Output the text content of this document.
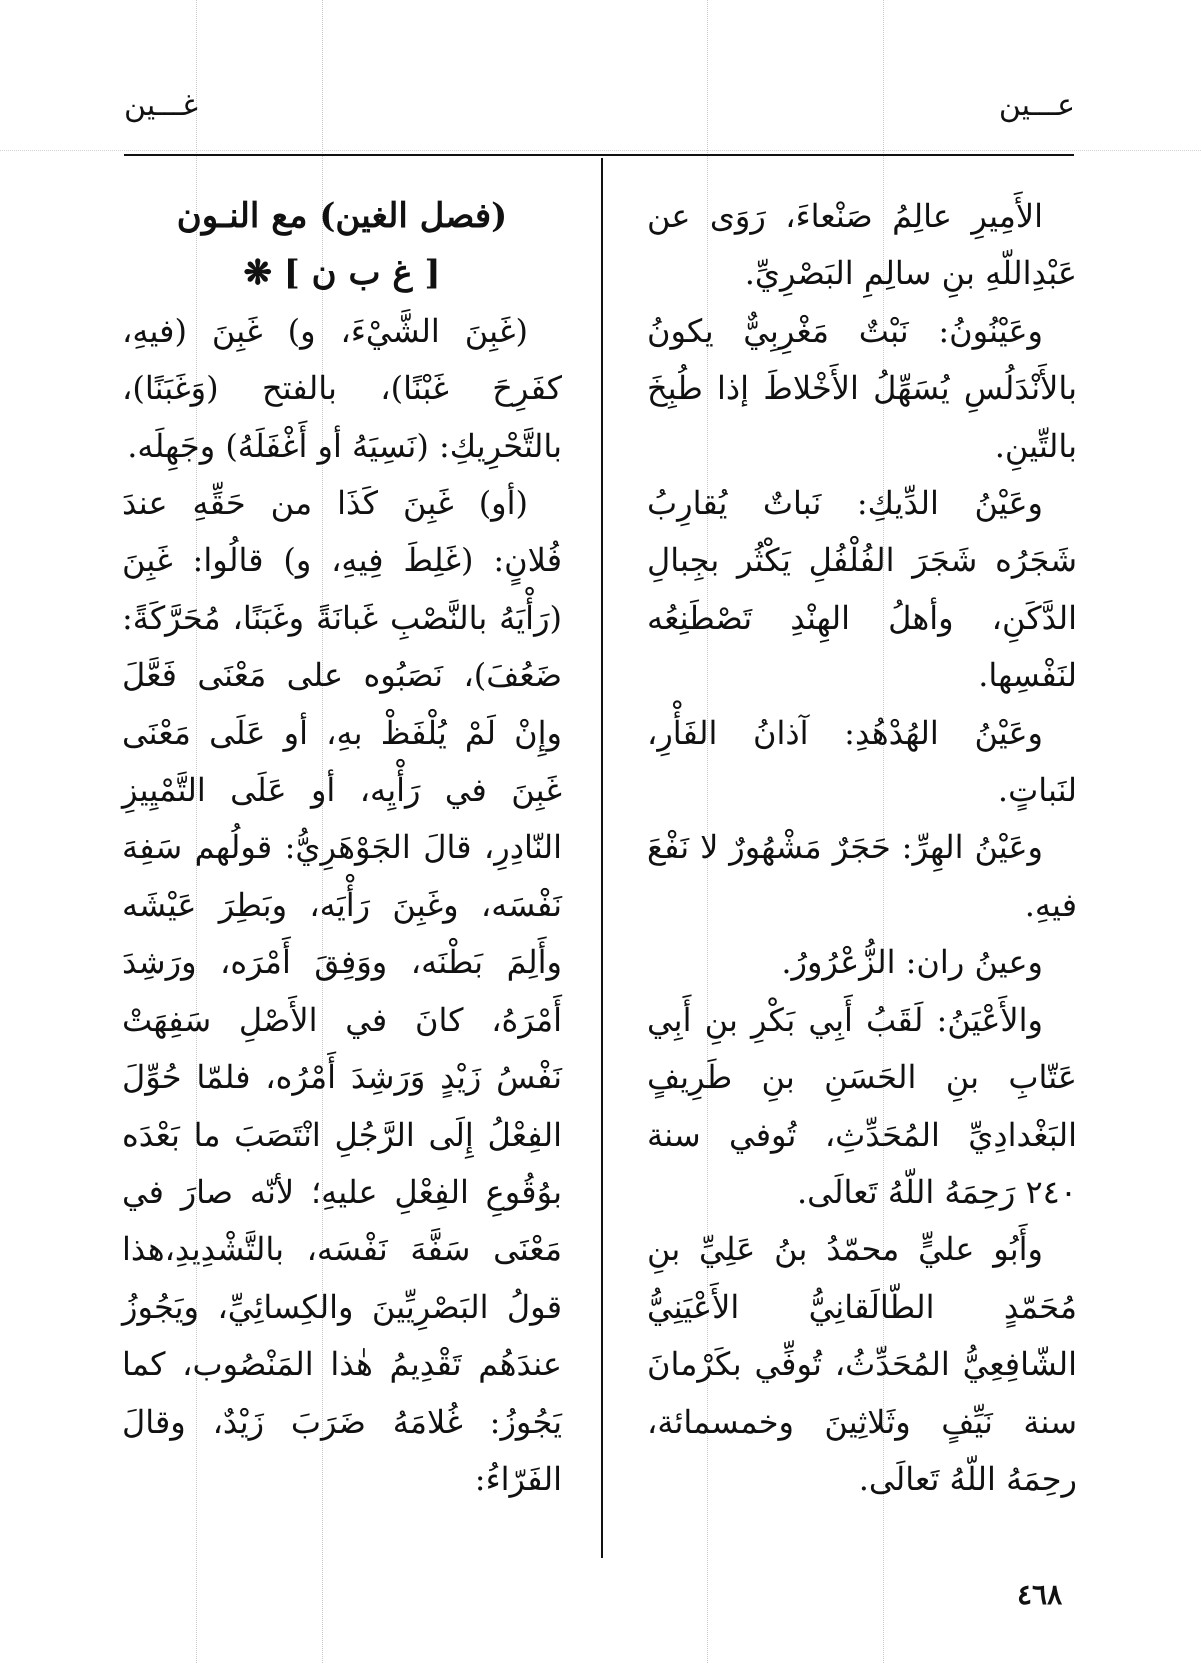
عـــين
غـــين

الأَمِيرِ عالِمُ صَنْعاءَ، رَوَى عن عَبْدِاللّهِ بنِ سالِمِ البَصْرِيِّ.

وعَيْنُونُ: نَبْتٌ مَغْرِبِيٌّ يكونُ بالأَنْدَلُسِ يُسَهِّلُ الأَخْلاطَ إذا طُبِخَ بالتِّينِ.

وعَيْنُ الدِّيكِ: نَباتٌ يُقارِبُ شَجَرُه شَجَرَ الفُلْفُلِ يَكْثُر بجِبالِ الدَّكَنِ، وأهلُ الهِنْدِ تَصْطَنِعُه لنَفْسِها.

وعَيْنُ الهُدْهُدِ: آذانُ الفَأْرِ، لنَباتٍ.

وعَيْنُ الهِرِّ: حَجَرٌ مَشْهُورٌ لا نَفْعَ فيهِ.

وعينُ ران: الزُّعْرُورُ.

والأَعْيَنُ: لَقَبُ أَبِي بَكْرِ بنِ أَبِي عَتّابِ بنِ الحَسَنِ بنِ طَرِيفٍ البَغْدادِيِّ المُحَدِّثِ، تُوفي سنة ٢٤٠ رَحِمَهُ اللّهُ تَعالَى.

وأَبُو عليٍّ محمّدُ بنُ عَلِيِّ بنِ مُحَمّدٍ الطّالَقانِيُّ الأَعْيَنِيُّ الشّافِعِيُّ المُحَدِّثُ، تُوفِّي بكَرْمانَ سنة نَيِّفٍ وثَلاثِينَ وخمسمائة، رحِمَهُ اللّهُ تَعالَى.

(فصل الغين) مع النـون

[ غ ب ن ] ❋

(غَبِنَ الشَّيْءَ، و) غَبِنَ (فيهِ، كفَرِحَ غَبْنًا)، بالفتح (وَغَبَنًا)، بالتَّحْرِيكِ: (نَسِيَهُ أو أَغْفَلَهُ) وجَهِلَه.

(أو) غَبِنَ كَذَا من حَقِّهِ عندَ فُلانٍ: (غَلِطَ فِيهِ، و) قالُوا: غَبِنَ (رَأْيَهُ بالنَّصْبِ غَبانَةً وغَبَنًا، مُحَرَّكَةً: ضَعُفَ)، نَصَبُوه على مَعْنَى فَعَّلَ وإِنْ لَمْ يُلْفَظْ بهِ، أو عَلَى مَعْنَى غَبِنَ في رَأْيِه، أو عَلَى التَّمْيِيزِ النّادِرِ، قالَ الجَوْهَرِيُّ: قولُهم سَفِهَ نَفْسَه، وغَبِنَ رَأْيَه، وبَطِرَ عَيْشَه وأَلِمَ بَطْنَه، ووَفِقَ أَمْرَه، ورَشِدَ أَمْرَهُ، كانَ في الأَصْلِ سَفِهَتْ نَفْسُ زَيْدٍ وَرَشِدَ أَمْرُه، فلمّا حُوِّلَ الفِعْلُ إِلَى الرَّجُلِ انْتَصَبَ ما بَعْدَه بوُقُوعِ الفِعْلِ عليهِ؛ لأنّه صارَ في مَعْنَى سَفَّهَ نَفْسَه، بالتَّشْدِيدِ،هذا قولُ البَصْرِيِّينَ والكِسائِيِّ، ويَجُوزُ عندَهُم تَقْدِيمُ هٰذا المَنْصُوب، كما يَجُوزُ: غُلامَهُ ضَرَبَ زَيْدٌ، وقالَ الفَرّاءُ:

٤٦٨
